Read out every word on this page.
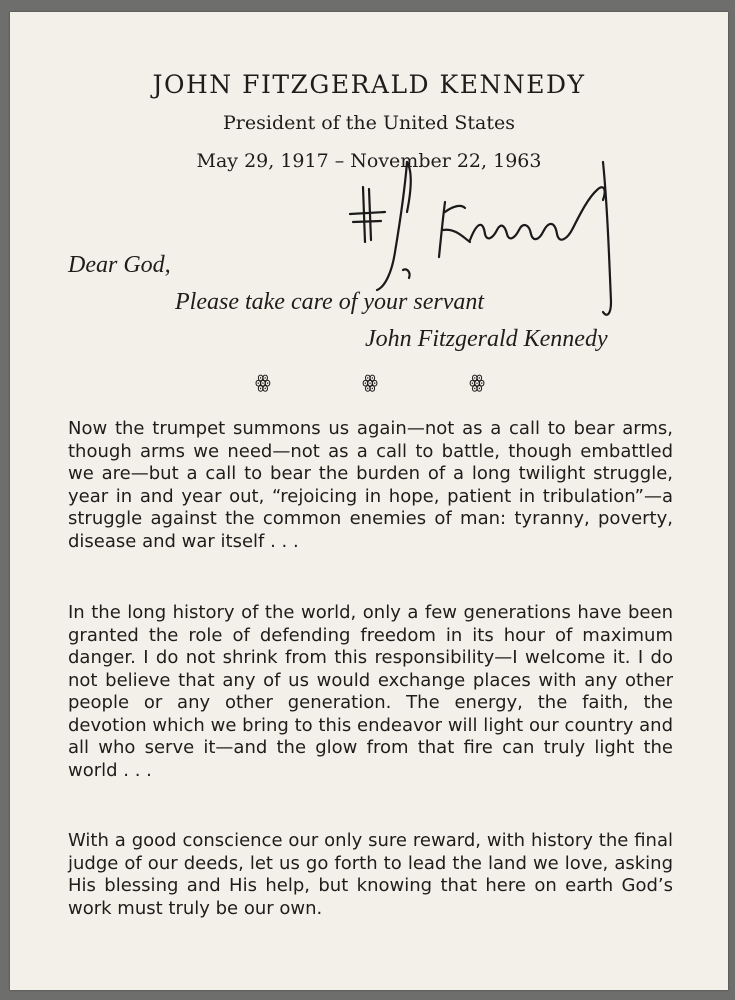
JOHN FITZGERALD KENNEDY
President of the United States
May 29, 1917 – November 22, 1963
Dear God,
Please take care of your servant
John Fitzgerald Kennedy
ꙮ	ꙮ	ꙮ

Now the trumpet summons us again—not as a call to bear arms, though arms we need—not as a call to battle, though embattled we are—but a call to bear the burden of a long twilight struggle, year in and year out, “rejoicing in hope, patient in tribulation”—a struggle against the common enemies of man: tyranny, poverty, disease and war itself . . .

In the long history of the world, only a few generations have been granted the role of defending freedom in its hour of maximum danger. I do not shrink from this responsibility—I welcome it. I do not believe that any of us would exchange places with any other people or any other generation. The energy, the faith, the devotion which we bring to this endeavor will light our country and all who serve it—and the glow from that fire can truly light the world . . .

With a good conscience our only sure reward, with history the final judge of our deeds, let us go forth to lead the land we love, asking His blessing and His help, but knowing that here on earth God’s work must truly be our own.
